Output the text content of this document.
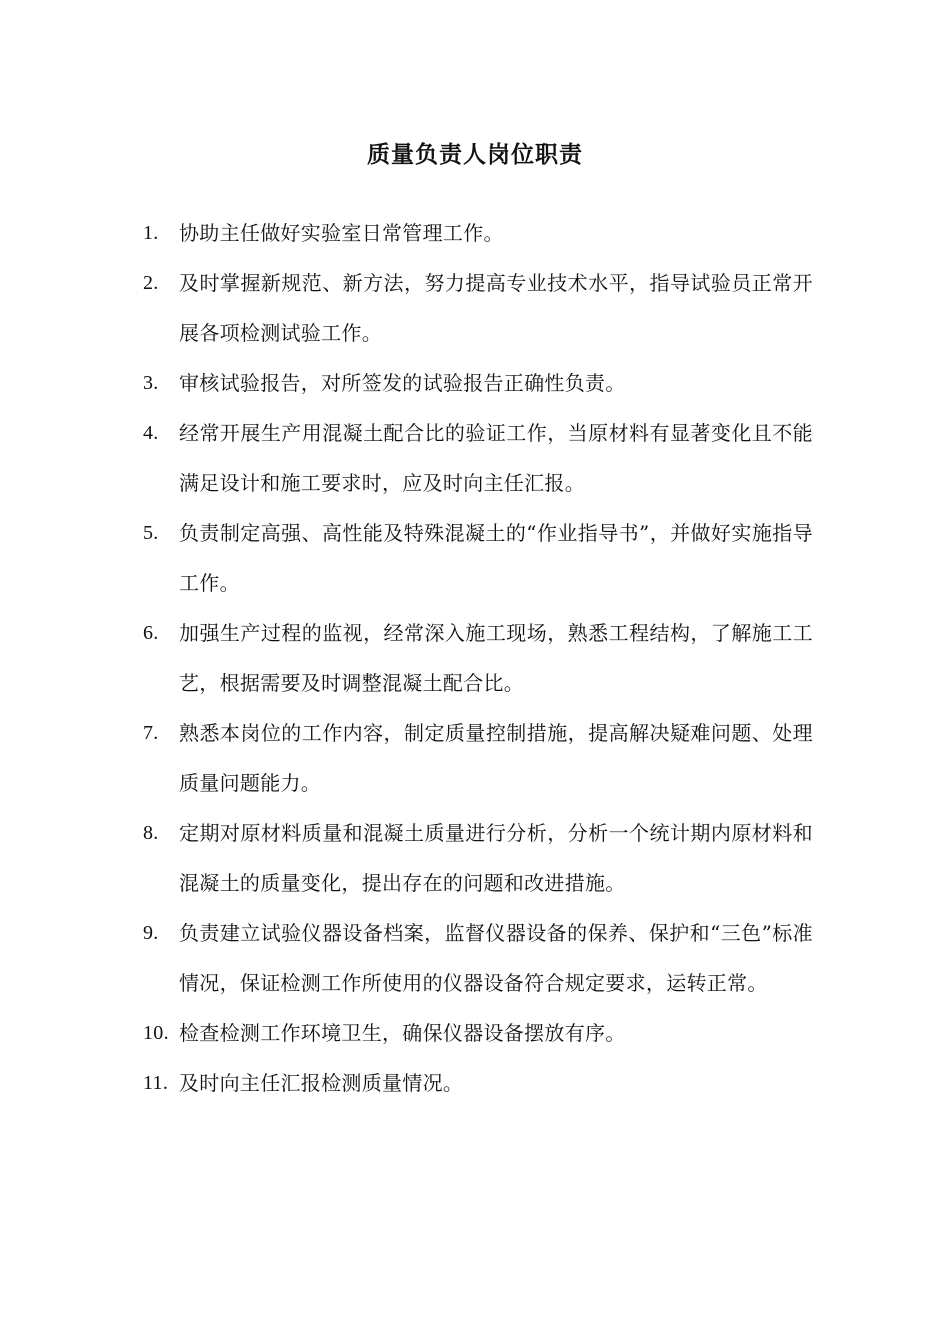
质量负责人岗位职责
1. 协助主任做好实验室日常管理工作。
2. 及时掌握新规范、新方法，努力提高专业技术水平，指导试验员正常开展各项检测试验工作。
3. 审核试验报告，对所签发的试验报告正确性负责。
4. 经常开展生产用混凝土配合比的验证工作，当原材料有显著变化且不能满足设计和施工要求时，应及时向主任汇报。
5. 负责制定高强、高性能及特殊混凝土的“作业指导书”，并做好实施指导工作。
6. 加强生产过程的监视，经常深入施工现场，熟悉工程结构，了解施工工艺，根据需要及时调整混凝土配合比。
7. 熟悉本岗位的工作内容，制定质量控制措施，提高解决疑难问题、处理质量问题能力。
8. 定期对原材料质量和混凝土质量进行分析，分析一个统计期内原材料和混凝土的质量变化，提出存在的问题和改进措施。
9. 负责建立试验仪器设备档案，监督仪器设备的保养、保护和“三色”标准情况，保证检测工作所使用的仪器设备符合规定要求，运转正常。
10. 检查检测工作环境卫生，确保仪器设备摆放有序。
11. 及时向主任汇报检测质量情况。
